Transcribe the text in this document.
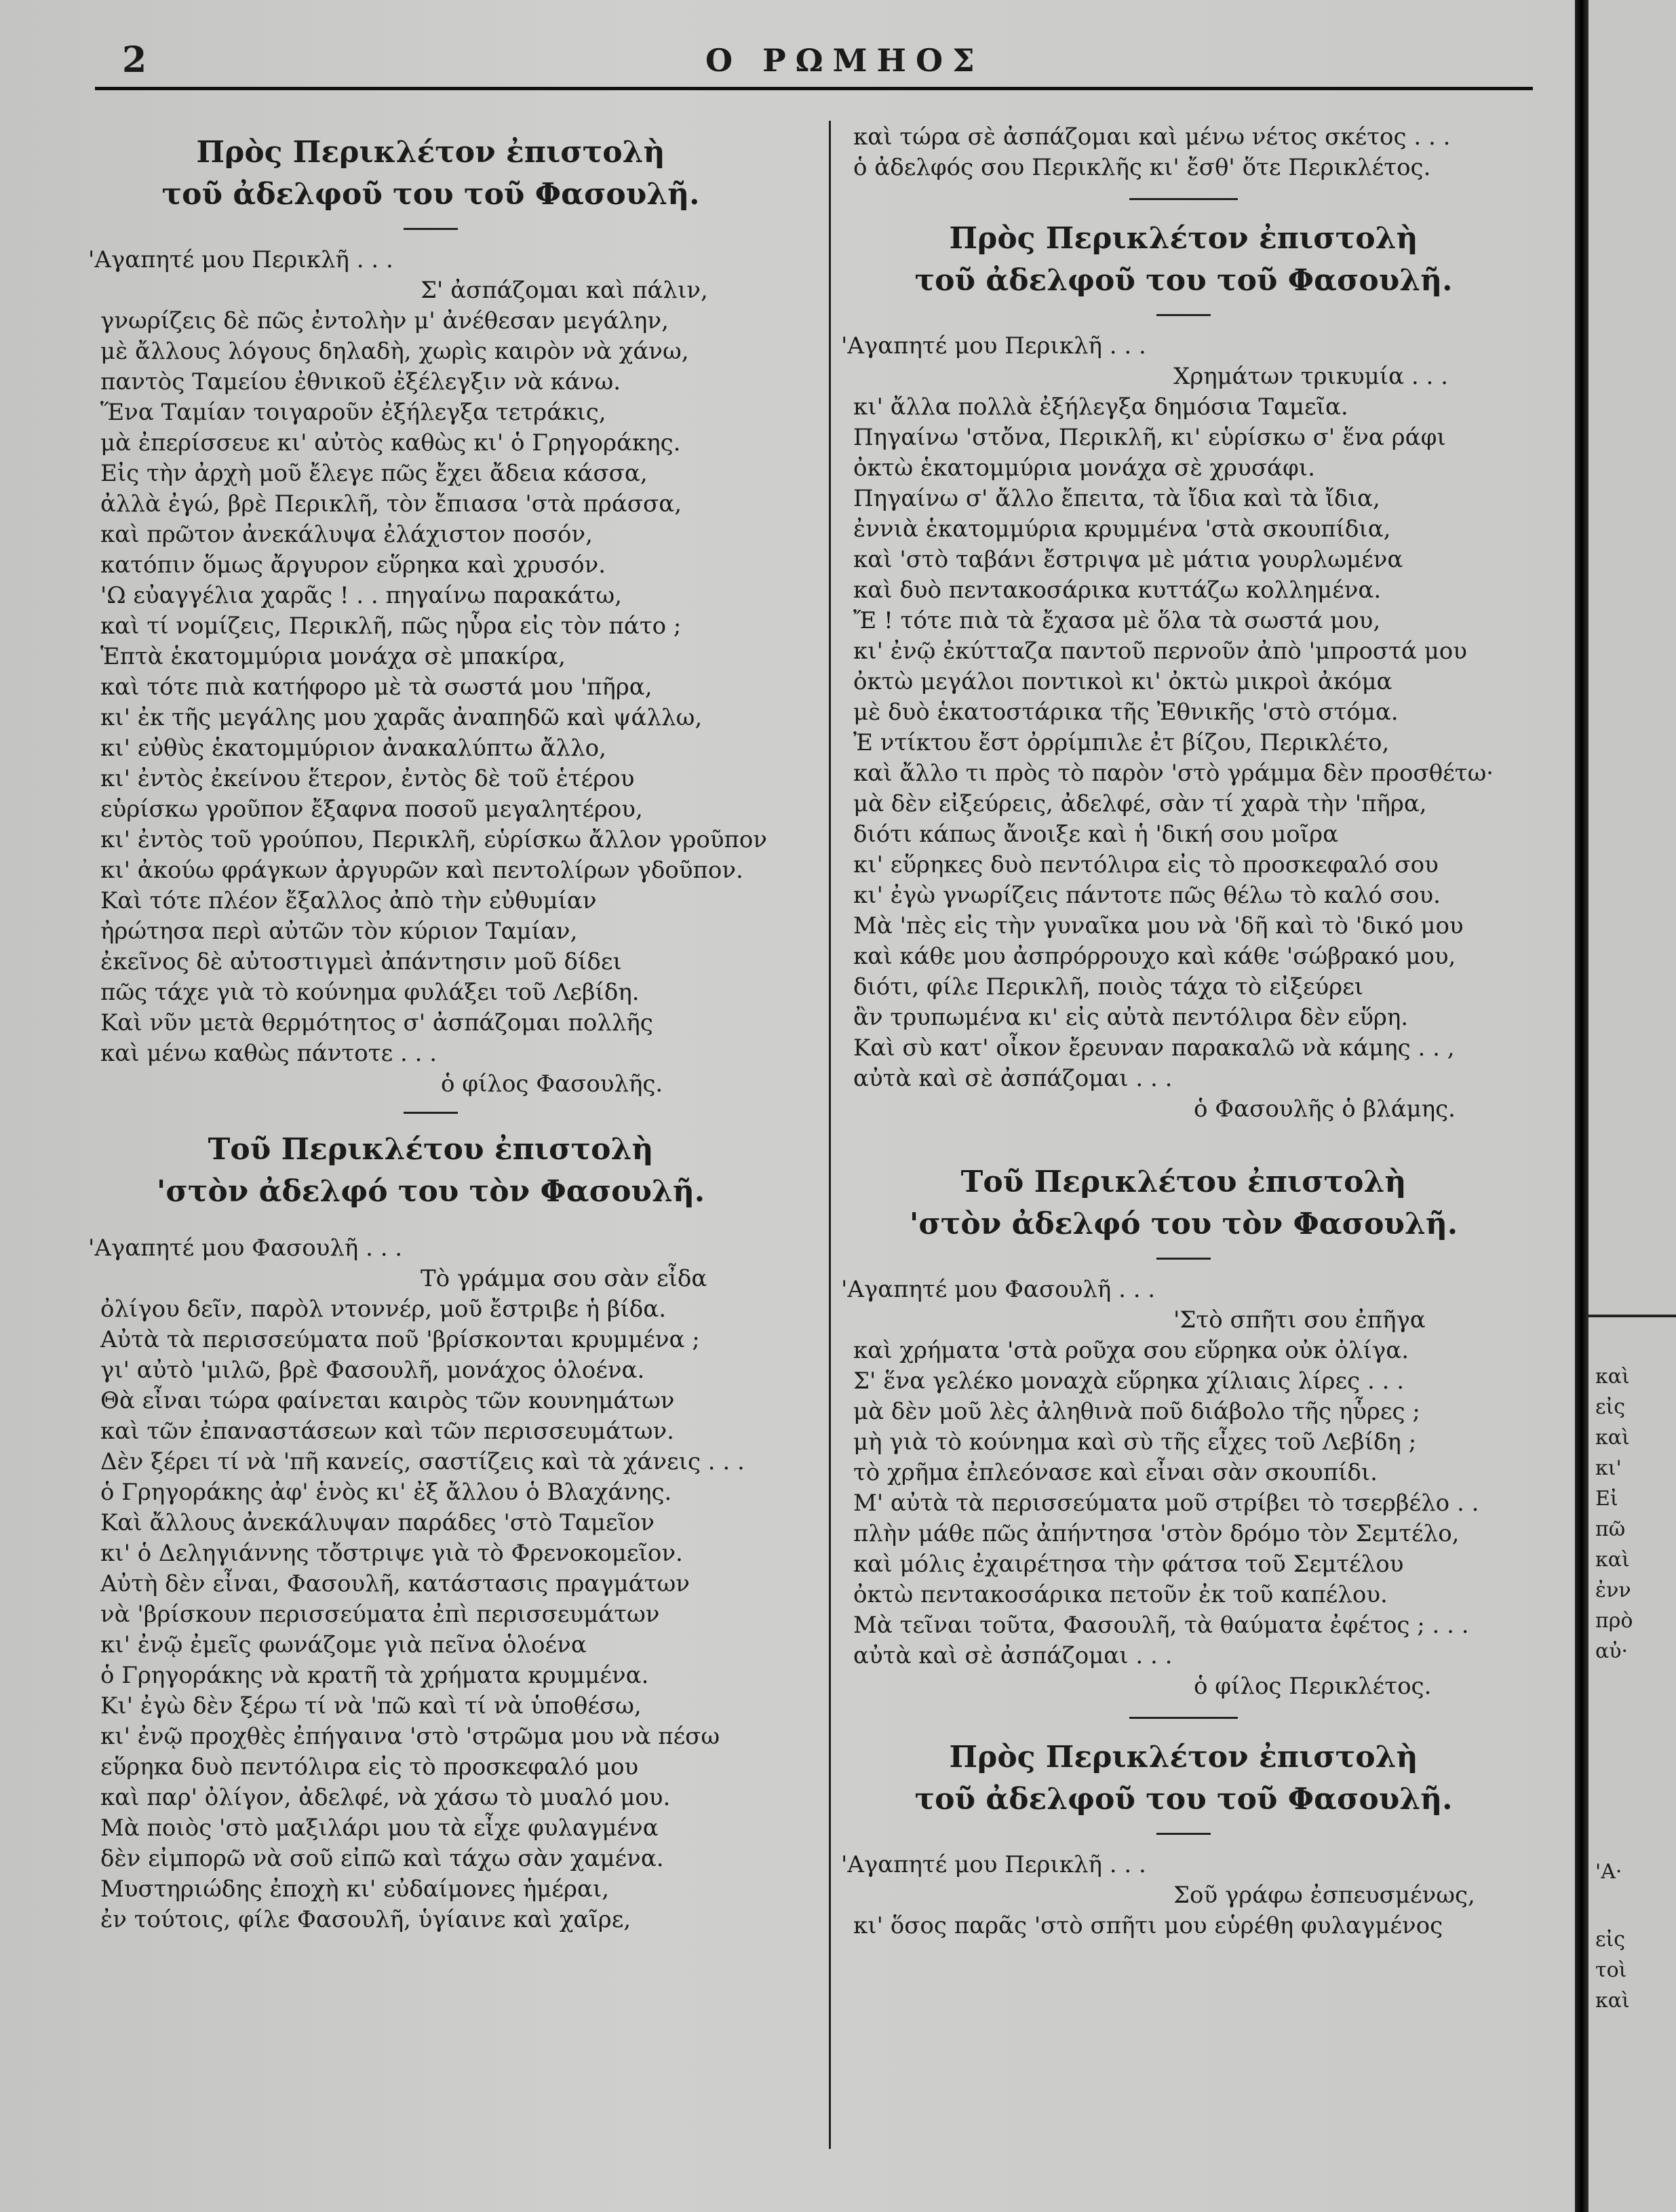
2	Ο ΡΩΜΗΟΣ
Πρὸς Περικλέτον ἐπιστολὴ
τοῦ ἀδελφοῦ του τοῦ Φασουλῆ.
'Αγαπητέ μου Περικλῆ . . .
Σ' ἀσπάζομαι καὶ πάλιν,
γνωρίζεις δὲ πῶς ἐντολὴν μ' ἀνέθεσαν μεγάλην,
μὲ ἄλλους λόγους δηλαδὴ, χωρὶς καιρὸν νὰ χάνω,
παντὸς Ταμείου ἐθνικοῦ ἐξέλεγξιν νὰ κάνω.
Ἕνα Ταμίαν τοιγαροῦν ἐξήλεγξα τετράκις,
μὰ ἐπερίσσευε κι' αὐτὸς καθὼς κι' ὁ Γρηγοράκης.
Εἰς τὴν ἀρχὴ μοῦ ἔλεγε πῶς ἔχει ἄδεια κάσσα,
ἀλλὰ ἐγώ, βρὲ Περικλῆ, τὸν ἔπιασα 'στὰ πράσσα,
καὶ πρῶτον ἀνεκάλυψα ἐλάχιστον ποσόν,
κατόπιν ὅμως ἄργυρον εὕρηκα καὶ χρυσόν.
'Ω εὐαγγέλια χαρᾶς ! . . πηγαίνω παρακάτω,
καὶ τί νομίζεις, Περικλῆ, πῶς ηὗρα εἰς τὸν πάτο ;
Ἑπτὰ ἑκατομμύρια μονάχα σὲ μπακίρα,
καὶ τότε πιὰ κατήφορο μὲ τὰ σωστά μου 'πῆρα,
κι' ἐκ τῆς μεγάλης μου χαρᾶς ἀναπηδῶ καὶ ψάλλω,
κι' εὐθὺς ἑκατομμύριον ἀνακαλύπτω ἄλλο,
κι' ἐντὸς ἐκείνου ἕτερον, ἐντὸς δὲ τοῦ ἑτέρου
εὑρίσκω γροῦπον ἔξαφνα ποσοῦ μεγαλητέρου,
κι' ἐντὸς τοῦ γρούπου, Περικλῆ, εὑρίσκω ἄλλον γροῦπον
κι' ἀκούω φράγκων ἀργυρῶν καὶ πεντολίρων γδοῦπον.
Καὶ τότε πλέον ἔξαλλος ἀπὸ τὴν εὐθυμίαν
ἠρώτησα περὶ αὐτῶν τὸν κύριον Ταμίαν,
ἐκεῖνος δὲ αὐτοστιγμεὶ ἀπάντησιν μοῦ δίδει
πῶς τάχε γιὰ τὸ κούνημα φυλάξει τοῦ Λεβίδη.
Καὶ νῦν μετὰ θερμότητος σ' ἀσπάζομαι πολλῆς
καὶ μένω καθὼς πάντοτε . . .
ὁ φίλος Φασουλῆς.
Τοῦ Περικλέτου ἐπιστολὴ
'στὸν ἀδελφό του τὸν Φασουλῆ.
'Αγαπητέ μου Φασουλῆ . . .
Τὸ γράμμα σου σὰν εἶδα
ὀλίγου δεῖν, παρὸλ ντοννέρ, μοῦ ἔστριβε ἡ βίδα.
Αὐτὰ τὰ περισσεύματα ποῦ 'βρίσκονται κρυμμένα ;
γι' αὐτὸ 'μιλῶ, βρὲ Φασουλῆ, μονάχος ὁλοένα.
Θὰ εἶναι τώρα φαίνεται καιρὸς τῶν κουνημάτων
καὶ τῶν ἐπαναστάσεων καὶ τῶν περισσευμάτων.
Δὲν ξέρει τί νὰ 'πῆ κανείς, σαστίζεις καὶ τὰ χάνεις . . .
ὁ Γρηγοράκης ἀφ' ἑνὸς κι' ἐξ ἄλλου ὁ Βλαχάνης.
Καὶ ἄλλους ἀνεκάλυψαν παράδες 'στὸ Ταμεῖον
κι' ὁ Δεληγιάννης τὄστριψε γιὰ τὸ Φρενοκομεῖον.
Αὐτὴ δὲν εἶναι, Φασουλῆ, κατάστασις πραγμάτων
νὰ 'βρίσκουν περισσεύματα ἐπὶ περισσευμάτων
κι' ἐνῷ ἐμεῖς φωνάζομε γιὰ πεῖνα ὁλοένα
ὁ Γρηγοράκης νὰ κρατῆ τὰ χρήματα κρυμμένα.
Κι' ἐγὼ δὲν ξέρω τί νὰ 'πῶ καὶ τί νὰ ὑποθέσω,
κι' ἐνῷ προχθὲς ἐπήγαινα 'στὸ 'στρῶμα μου νὰ πέσω
εὕρηκα δυὸ πεντόλιρα εἰς τὸ προσκεφαλό μου
καὶ παρ' ὀλίγον, ἀδελφέ, νὰ χάσω τὸ μυαλό μου.
Μὰ ποιὸς 'στὸ μαξιλάρι μου τὰ εἶχε φυλαγμένα
δὲν εἰμπορῶ νὰ σοῦ εἰπῶ καὶ τάχω σὰν χαμένα.
Μυστηριώδης ἐποχὴ κι' εὐδαίμονες ἡμέραι,
ἐν τούτοις, φίλε Φασουλῆ, ὑγίαινε καὶ χαῖρε,
καὶ τώρα σὲ ἀσπάζομαι καὶ μένω νέτος σκέτος . . .
ὁ ἀδελφός σου Περικλῆς κι' ἔσθ' ὅτε Περικλέτος.
Πρὸς Περικλέτον ἐπιστολὴ
τοῦ ἀδελφοῦ του τοῦ Φασουλῆ.
'Αγαπητέ μου Περικλῆ . . .
Χρημάτων τρικυμία . . .
κι' ἄλλα πολλὰ ἐξήλεγξα δημόσια Ταμεῖα.
Πηγαίνω 'στὄνα, Περικλῆ, κι' εὑρίσκω σ' ἕνα ράφι
ὀκτὼ ἑκατομμύρια μονάχα σὲ χρυσάφι.
Πηγαίνω σ' ἄλλο ἔπειτα, τὰ ἴδια καὶ τὰ ἴδια,
ἐννιὰ ἑκατομμύρια κρυμμένα 'στὰ σκουπίδια,
καὶ 'στὸ ταβάνι ἔστριψα μὲ μάτια γουρλωμένα
καὶ δυὸ πεντακοσάρικα κυττάζω κολλημένα.
Ἔ ! τότε πιὰ τὰ ἔχασα μὲ ὅλα τὰ σωστά μου,
κι' ἐνῷ ἐκύτταζα παντοῦ περνοῦν ἀπὸ 'μπροστά μου
ὀκτὼ μεγάλοι ποντικοὶ κι' ὀκτὼ μικροὶ ἀκόμα
μὲ δυὸ ἑκατοστάρικα τῆς Ἐθνικῆς 'στὸ στόμα.
Ἐ ντίκτου ἔστ ὀρρίμπιλε ἐτ βίζου, Περικλέτο,
καὶ ἄλλο τι πρὸς τὸ παρὸν 'στὸ γράμμα δὲν προσθέτω·
μὰ δὲν εἰξεύρεις, ἀδελφέ, σὰν τί χαρὰ τὴν 'πῆρα,
διότι κάπως ἄνοιξε καὶ ἡ 'δική σου μοῖρα
κι' εὕρηκες δυὸ πεντόλιρα εἰς τὸ προσκεφαλό σου
κι' ἐγὼ γνωρίζεις πάντοτε πῶς θέλω τὸ καλό σου.
Μὰ 'πὲς εἰς τὴν γυναῖκα μου νὰ 'δῆ καὶ τὸ 'δικό μου
καὶ κάθε μου ἀσπρόρρουχο καὶ κάθε 'σώβρακό μου,
διότι, φίλε Περικλῆ, ποιὸς τάχα τὸ εἰξεύρει
ἂν τρυπωμένα κι' εἰς αὐτὰ πεντόλιρα δὲν εὕρη.
Καὶ σὺ κατ' οἶκον ἔρευναν παρακαλῶ νὰ κάμης . . ,
αὐτὰ καὶ σὲ ἀσπάζομαι . . .
ὁ Φασουλῆς ὁ βλάμης.
Τοῦ Περικλέτου ἐπιστολὴ
'στὸν ἀδελφό του τὸν Φασουλῆ.
'Αγαπητέ μου Φασουλῆ . . .
'Στὸ σπῆτι σου ἐπῆγα
καὶ χρήματα 'στὰ ροῦχα σου εὕρηκα οὐκ ὀλίγα.
Σ' ἕνα γελέκο μοναχὰ εὕρηκα χίλιαις λίρες . . .
μὰ δὲν μοῦ λὲς ἀληθινὰ ποῦ διάβολο τῆς ηὗρες ;
μὴ γιὰ τὸ κούνημα καὶ σὺ τῆς εἶχες τοῦ Λεβίδη ;
τὸ χρῆμα ἐπλεόνασε καὶ εἶναι σὰν σκουπίδι.
Μ' αὐτὰ τὰ περισσεύματα μοῦ στρίβει τὸ τσερβέλο . .
πλὴν μάθε πῶς ἀπήντησα 'στὸν δρόμο τὸν Σεμτέλο,
καὶ μόλις ἐχαιρέτησα τὴν φάτσα τοῦ Σεμτέλου
ὀκτὼ πεντακοσάρικα πετοῦν ἐκ τοῦ καπέλου.
Μὰ τεῖναι τοῦτα, Φασουλῆ, τὰ θαύματα ἐφέτος ; . . .
αὐτὰ καὶ σὲ ἀσπάζομαι . . .
ὁ φίλος Περικλέτος.
Πρὸς Περικλέτον ἐπιστολὴ
τοῦ ἀδελφοῦ του τοῦ Φασουλῆ.
'Αγαπητέ μου Περικλῆ . . .
Σοῦ γράφω ἐσπευσμένως,
κι' ὅσος παρᾶς 'στὸ σπῆτι μου εὑρέθη φυλαγμένος
καὶ
εἰς
καὶ
κι'
Εἰ
πῶ
καὶ
ἐνν
πρὸ
αὐ·
'Α·
εἰς
τοὶ
καὶ
